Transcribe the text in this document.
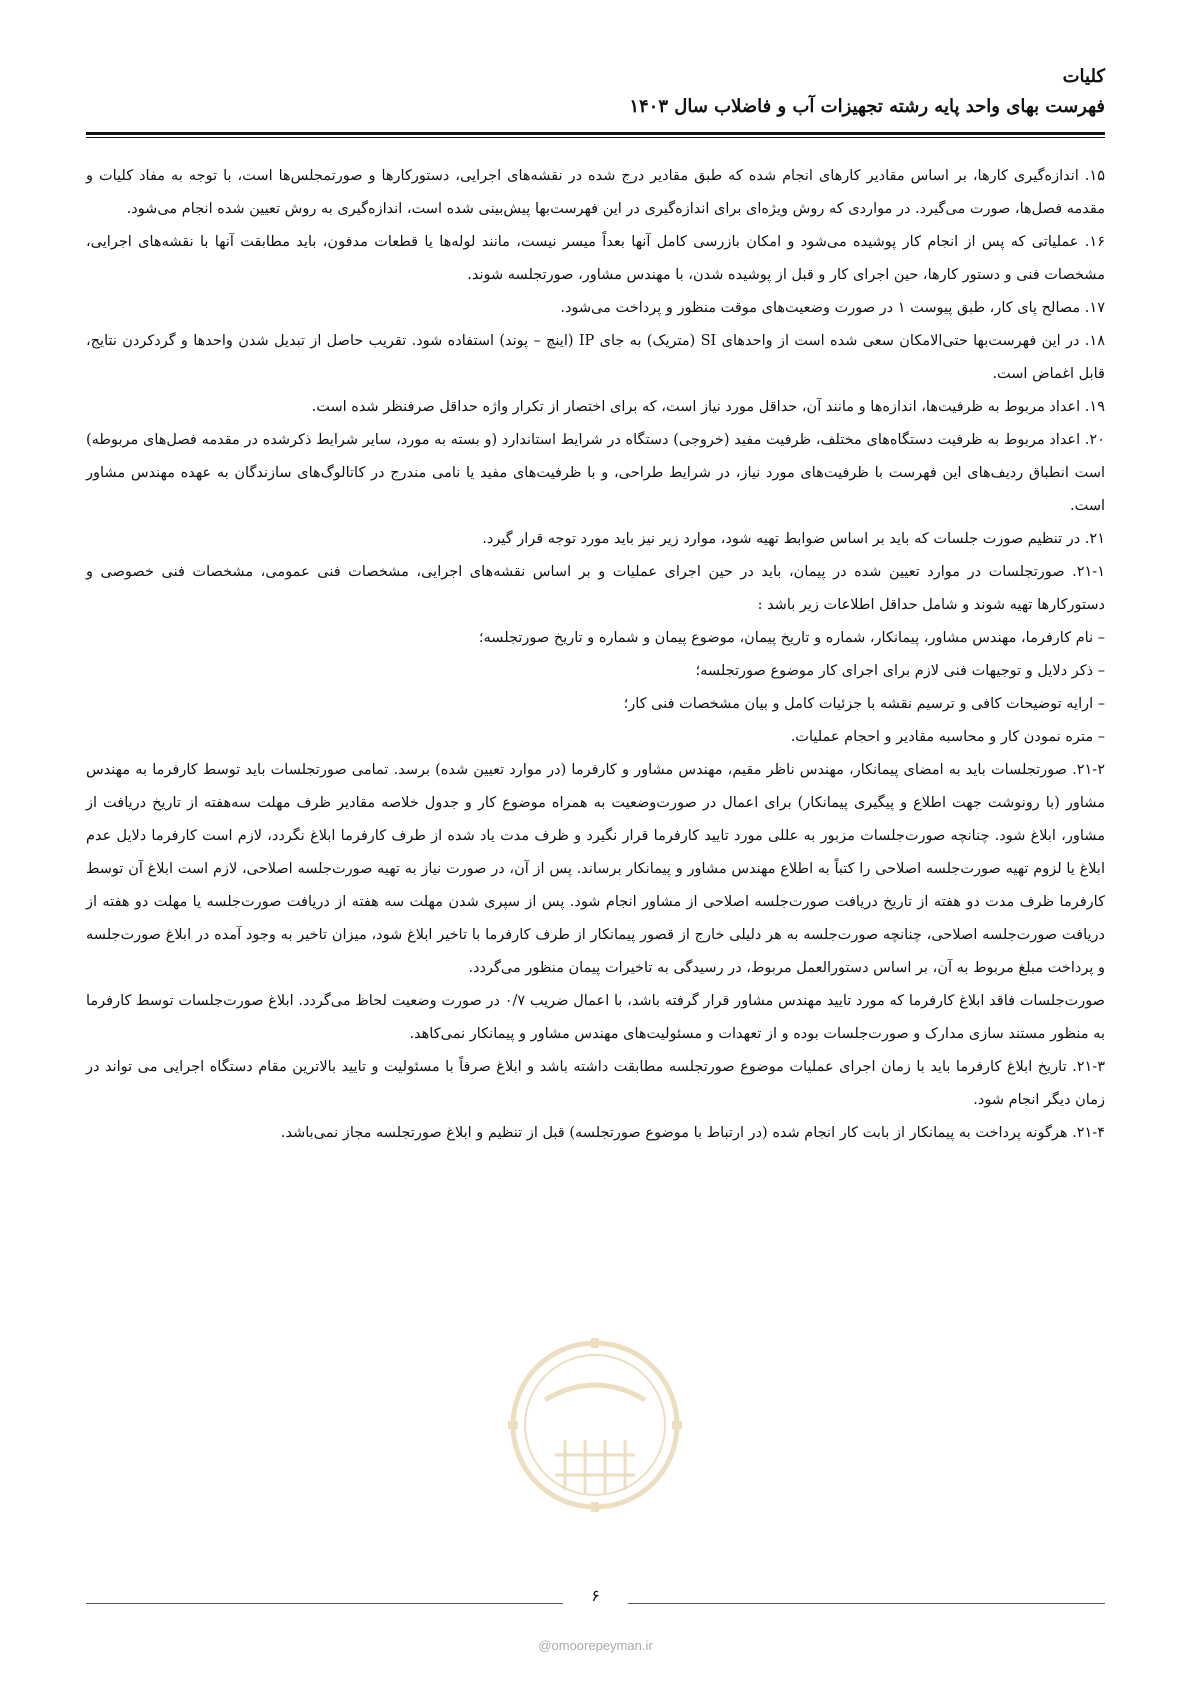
کلیات
فهرست بهای واحد پایه رشته تجهیزات آب و فاضلاب سال ۱۴۰۳

۱۵. اندازه‌گیری کارها، بر اساس مقادیر کارهای انجام شده که طبق مقادیر درج شده در نقشه‌های اجرایی، دستورکارها و صورتمجلس‌ها است، با توجه به مفاد کلیات و مقدمه فصل‌ها، صورت می‌گیرد. در مواردی که روش ویژه‌ای برای اندازه‌گیری در این فهرست‌بها پیش‌بینی شده است، اندازه‌گیری به روش تعیین شده انجام می‌شود.

۱۶. عملیاتی که پس از انجام کار پوشیده می‌شود و امکان بازرسی کامل آنها بعداً میسر نیست، مانند لوله‌ها یا قطعات مدفون، باید مطابقت آنها با نقشه‌های اجرایی، مشخصات فنی و دستور کارها، حین اجرای کار و قبل از پوشیده شدن، با مهندس مشاور، صورتجلسه شوند.

۱۷. مصالح پای کار، طبق پیوست ۱ در صورت وضعیت‌های موقت منظور و پرداخت می‌شود.

۱۸. در این فهرست‌بها حتی‌الامکان سعی شده است از واحدهای SI (متریک) به جای IP (اینچ – پوند) استفاده شود. تقریب حاصل از تبدیل شدن واحدها و گردکردن نتایج، قابل اغماض است.

۱۹. اعداد مربوط به ظرفیت‌ها، اندازه‌ها و مانند آن، حداقل مورد نیاز است، که برای اختصار از تکرار واژه حداقل صرفنظر شده است.

۲۰. اعداد مربوط به ظرفیت دستگاه‌های مختلف، ظرفیت مفید (خروجی) دستگاه در شرایط استاندارد (و بسته به مورد، سایر شرایط ذکرشده در مقدمه فصل‌های مربوطه) است انطباق ردیف‌های این فهرست با ظرفیت‌های مورد نیاز، در شرایط طراحی، و با ظرفیت‌های مفید یا نامی مندرج در کاتالوگ‌های سازندگان به عهده مهندس مشاور است.

۲۱. در تنظیم صورت جلسات که باید بر اساس ضوابط تهیه شود، موارد زیر نیز باید مورد توجه قرار گیرد.

۲۱-۱. صورتجلسات در موارد تعیین شده در پیمان، باید در حین اجرای عملیات و بر اساس نقشه‌های اجرایی، مشخصات فنی عمومی، مشخصات فنی خصوصی و دستورکارها تهیه شوند و شامل حداقل اطلاعات زیر باشد :

– نام کارفرما، مهندس مشاور، پیمانکار، شماره و تاریخ پیمان، موضوع پیمان و شماره و تاریخ صورتجلسه؛

– ذکر دلایل و توجیهات فنی لازم برای اجرای کار موضوع صورتجلسه؛

– ارایه توضیحات کافی و ترسیم نقشه با جزئیات کامل و بیان مشخصات فنی کار؛

– متره نمودن کار و محاسبه مقادیر و احجام عملیات.

۲۱-۲. صورتجلسات باید به امضای پیمانکار، مهندس ناظر مقیم، مهندس مشاور و کارفرما (در موارد تعیین شده) برسد. تمامی صورتجلسات باید توسط کارفرما به مهندس مشاور (با رونوشت جهت اطلاع و پیگیری پیمانکار) برای اعمال در صورت‌وضعیت به همراه موضوع کار و جدول خلاصه مقادیر ظرف مهلت سه‌هفته از تاریخ دریافت از مشاور، ابلاغ شود. چنانچه صورت‌جلسات مزبور به عللی مورد تایید کارفرما قرار نگیرد و ظرف مدت یاد شده از طرف کارفرما ابلاغ نگردد، لازم است کارفرما دلایل عدم ابلاغ یا لزوم تهیه صورت‌جلسه اصلاحی را کتباً به اطلاع مهندس مشاور و پیمانکار برساند. پس از آن، در صورت نیاز به تهیه صورت‌جلسه اصلاحی، لازم است ابلاغ آن توسط کارفرما ظرف مدت دو هفته از تاریخ دریافت صورت‌جلسه اصلاحی از مشاور انجام شود. پس از سپری شدن مهلت سه هفته از دریافت صورت‌جلسه یا مهلت دو هفته از دریافت صورت‌جلسه اصلاحی، چنانچه صورت‌جلسه به هر دلیلی خارج از قصور پیمانکار از طرف کارفرما با تاخیر ابلاغ شود، میزان تاخیر به وجود آمده در ابلاغ صورت‌جلسه و پرداخت مبلغ مربوط به آن، بر اساس دستورالعمل مربوط، در رسیدگی به تاخیرات پیمان منظور می‌گردد.

صورت‌جلسات فاقد ابلاغ کارفرما که مورد تایید مهندس مشاور قرار گرفته باشد، با اعمال ضریب ۰/۷ در صورت وضعیت لحاظ می‌گردد. ابلاغ صورت‌جلسات توسط کارفرما به منظور مستند سازی مدارک و صورت‌جلسات بوده و از تعهدات و مسئولیت‌های مهندس مشاور و پیمانکار نمی‌کاهد.

۲۱-۳. تاریخ ابلاغ کارفرما باید با زمان اجرای عملیات موضوع صورتجلسه مطابقت داشته باشد و ابلاغ صرفاً با مسئولیت و تایید بالاترین مقام دستگاه اجرایی می تواند در زمان دیگر انجام شود.

۲۱-۴. هرگونه پرداخت به پیمانکار از بابت کار انجام شده (در ارتباط با موضوع صورتجلسه) قبل از تنظیم و ابلاغ صورتجلسه مجاز نمی‌باشد.

۶
@omoorepeyman.ir
